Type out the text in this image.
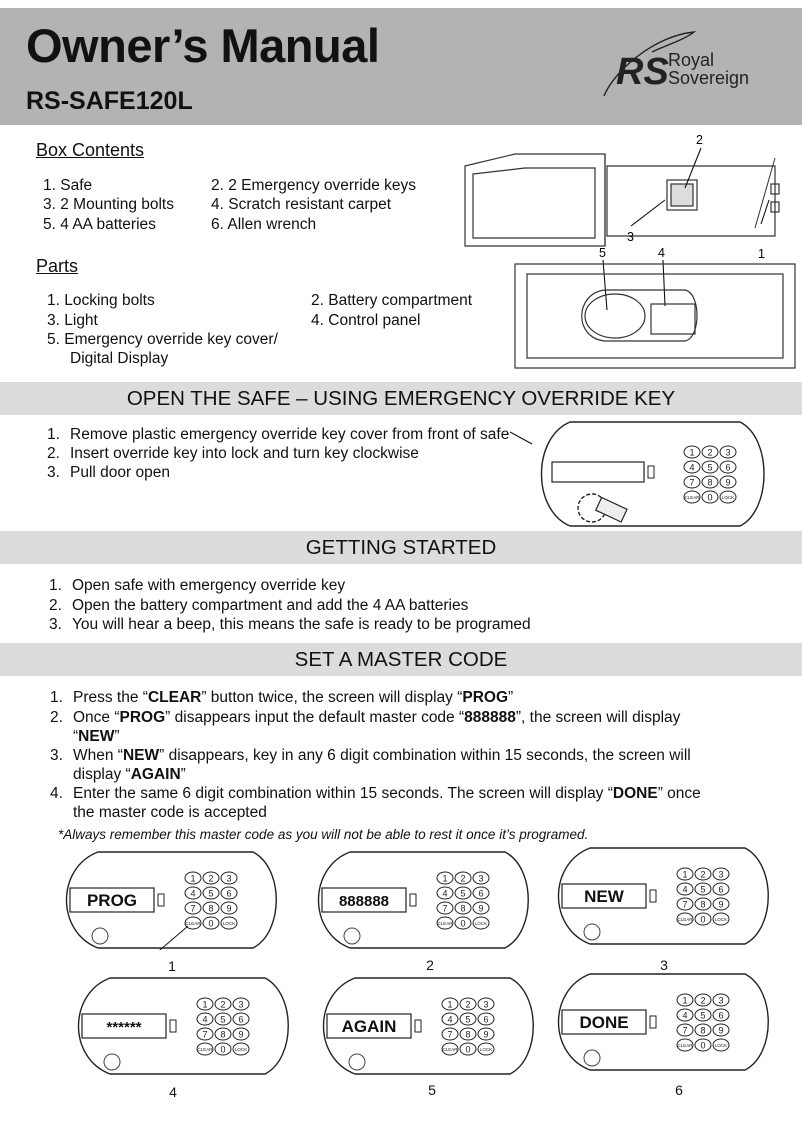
Owner’s Manual
RS-SAFE120L
RS Royal
Sovereign
Box Contents
1. Safe	2. 2 Emergency override keys
3. 2 Mounting bolts 4. Scratch resistant carpet
5. 4 AA batteries	6. Allen wrench
Parts
1. Locking bolts	2. Battery compartment
3. Light	4. Control panel
5. Emergency override key cover/
Digital Display
2
3
1
5	4
OPEN THE SAFE – USING EMERGENCY OVERRIDE KEY
1. Remove plastic emergency override key cover from front of safe
2. Insert override key into lock and turn key clockwise
3. Pull door open
1 2 3
4 5 6
7 8 9
CLEAR 0 LOCK
GETTING STARTED
1. Open safe with emergency override key
2. Open the battery compartment and add the 4 AA batteries
3. You will hear a beep, this means the safe is ready to be programed
SET A MASTER CODE
1. Press the “CLEAR” button twice, the screen will display “PROG”
2. Once “PROG” disappears input the default master code “888888”, the screen will display
“NEW”
3. When “NEW” disappears, key in any 6 digit combination within 15 seconds, the screen will
display “AGAIN”
4. Enter the same 6 digit combination within 15 seconds. The screen will display “DONE” once
the master code is accepted
*Always remember this master code as you will not be able to rest it once it’s programed.
PROG
1 2 3
4 5 6
7 8 9
CLEAR 0 LOCK
1
888888
1 2 3
4 5 6
7 8 9
CLEAR 0 LOCK
2
NEW
1 2 3
4 5 6
7 8 9
CLEAR 0 LOCK
3
******
1 2 3
4 5 6
7 8 9
CLEAR 0 LOCK
4
AGAIN
1 2 3
4 5 6
7 8 9
CLEAR 0 LOCK
5
DONE
1 2 3
4 5 6
7 8 9
CLEAR 0 LOCK
6
